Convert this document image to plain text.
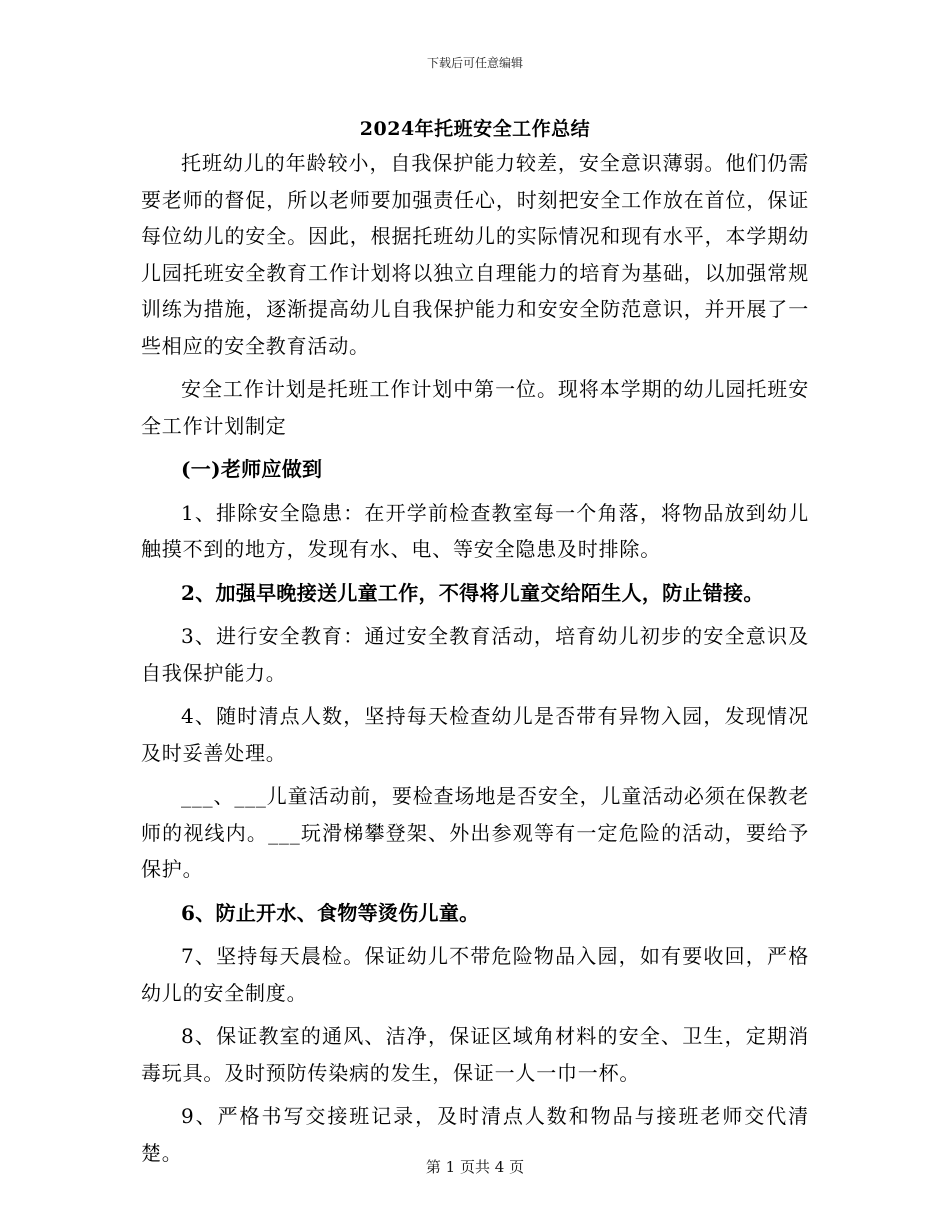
下载后可任意编辑
2024年托班安全工作总结

托班幼儿的年龄较小，自我保护能力较差，安全意识薄弱。他们仍需要老师的督促，所以老师要加强责任心，时刻把安全工作放在首位，保证每位幼儿的安全。因此，根据托班幼儿的实际情况和现有水平，本学期幼儿园托班安全教育工作计划将以独立自理能力的培育为基础，以加强常规训练为措施，逐渐提高幼儿自我保护能力和安安全防范意识，并开展了一些相应的安全教育活动。

安全工作计划是托班工作计划中第一位。现将本学期的幼儿园托班安全工作计划制定

(一)老师应做到

1、排除安全隐患：在开学前检查教室每一个角落，将物品放到幼儿触摸不到的地方，发现有水、电、等安全隐患及时排除。

2、加强早晚接送儿童工作，不得将儿童交给陌生人，防止错接。

3、进行安全教育：通过安全教育活动，培育幼儿初步的安全意识及自我保护能力。

4、随时清点人数，坚持每天检查幼儿是否带有异物入园，发现情况及时妥善处理。

___、___儿童活动前，要检查场地是否安全，儿童活动必须在保教老师的视线内。___玩滑梯攀登架、外出参观等有一定危险的活动，要给予保护。

6、防止开水、食物等烫伤儿童。

7、坚持每天晨检。保证幼儿不带危险物品入园，如有要收回，严格幼儿的安全制度。

8、保证教室的通风、洁净，保证区域角材料的安全、卫生，定期消毒玩具。及时预防传染病的发生，保证一人一巾一杯。

9、严格书写交接班记录，及时清点人数和物品与接班老师交代清楚。

第 1 页共 4 页
